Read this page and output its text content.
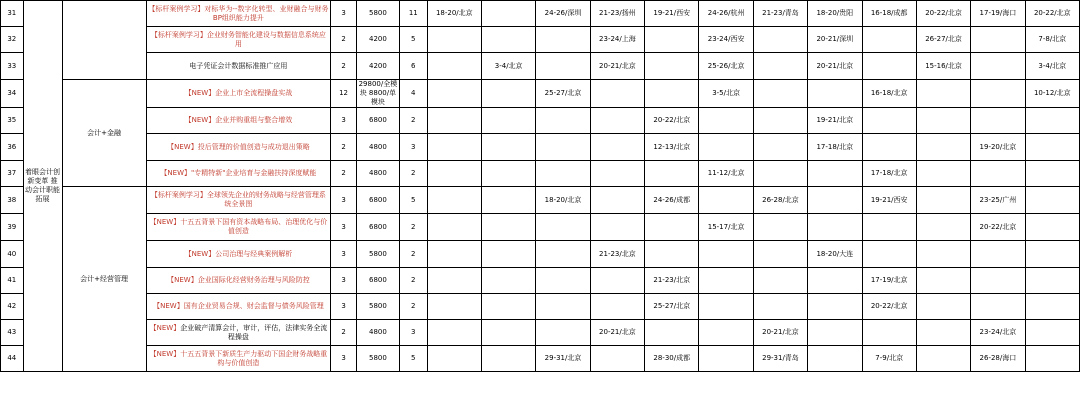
31	着眼会计创新变革 推动会计职能拓展		【标杆案例学习】对标华为--数字化转型、业财融合与财务BP组织能力提升	3	5800	11	18-20/北京		24-26/深圳	21-23/扬州	19-21/西安	24-26/杭州	21-23/青岛	18-20/贵阳	16-18/成都	20-22/北京	17-19/海口	20-22/北京
32			【标杆案例学习】企业财务智能化建设与数据信息系统应用	2	4200	5				23-24/上海		23-24/西安		20-21/深圳		26-27/北京		7-8/北京
33			电子凭证会计数据标准推广应用	2	4200	6		3-4/北京		20-21/北京		25-26/北京		20-21/北京		15-16/北京		3-4/北京
34		会计+金融	【NEW】企业上市全流程操盘实战	12	29800/全模块 8800/单模块	4			25-27/北京			3-5/北京			16-18/北京			10-12/北京
35			【NEW】企业并购重组与整合增效	3	6800	2					20-22/北京			19-21/北京				
36			【NEW】投后管理的价值创造与成功退出策略	2	4800	3					12-13/北京			17-18/北京			19-20/北京	
37			【NEW】"专精特新"企业培育与金融扶持深度赋能	2	4800	2						11-12/北京			17-18/北京			
38		会计+经营管理	【标杆案例学习】全球领先企业的财务战略与经营管理系统全景图	3	6800	5			18-20/北京		24-26/成都		26-28/北京		19-21/西安		23-25/广州	
39			【NEW】十五五背景下国有资本战略布局、治理优化与价值创造	3	6800	2						15-17/北京					20-22/北京	
40			【NEW】公司治理与经典案例解析	3	5800	2				21-23/北京				18-20/大连				
41			【NEW】企业国际化经营财务治理与风险防控	3	6800	2					21-23/北京				17-19/北京			
42			【NEW】国有企业贸易合规、财会监督与债务风险管理	3	5800	2					25-27/北京				20-22/北京			
43			【NEW】企业破产清算会计，审计，评估，法律实务全流程操盘	2	4800	3				20-21/北京			20-21/北京				23-24/北京	
44			【NEW】十五五背景下新质生产力驱动下国企财务战略重构与价值创造	3	5800	5			29-31/北京		28-30/成都		29-31/青岛		7-9/北京		26-28/海口	
